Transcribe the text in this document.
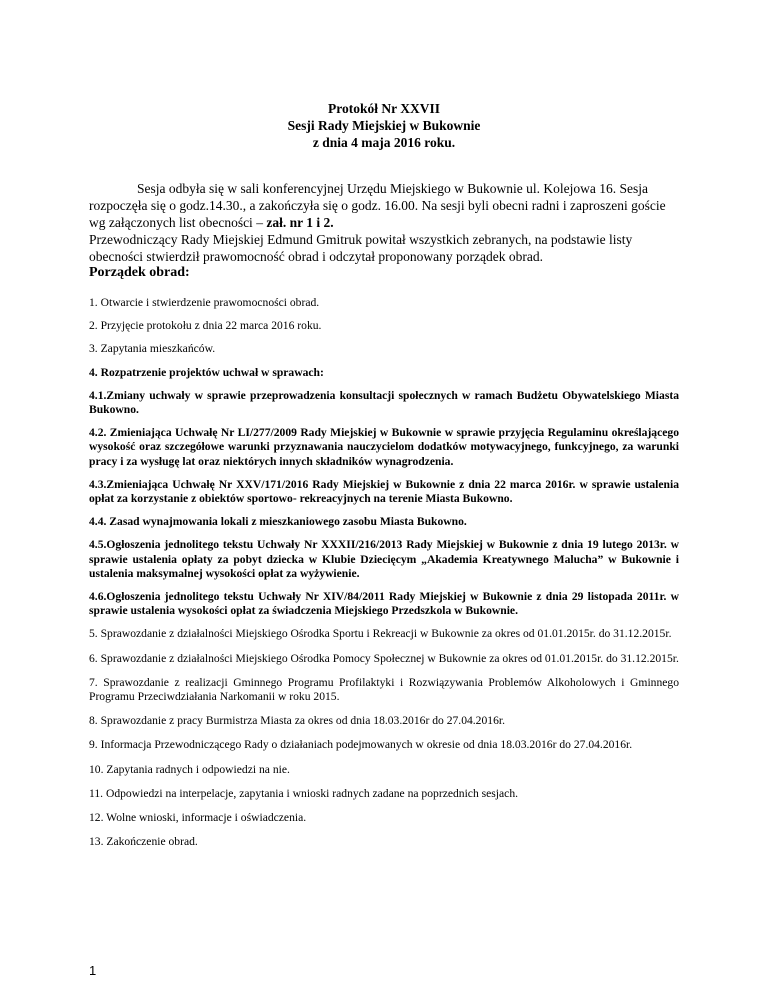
Protokół Nr XXVII
Sesji Rady Miejskiej w Bukownie
z dnia 4 maja 2016 roku.

Sesja odbyła się w sali konferencyjnej Urzędu Miejskiego w Bukownie ul. Kolejowa 16. Sesja rozpoczęła się o godz.14.30., a zakończyła się o godz. 16.00. Na sesji byli obecni radni i zaproszeni goście wg załączonych list obecności – zał. nr 1 i 2.

Przewodniczący Rady Miejskiej Edmund Gmitruk powitał wszystkich zebranych, na podstawie listy obecności stwierdził prawomocność obrad i odczytał proponowany porządek obrad.

Porządek obrad:
1. Otwarcie i stwierdzenie prawomocności obrad.
2. Przyjęcie protokołu z dnia 22 marca 2016 roku.
3. Zapytania mieszkańców.
4. Rozpatrzenie projektów uchwał w sprawach:
4.1.Zmiany uchwały w sprawie przeprowadzenia konsultacji społecznych w ramach Budżetu Obywatelskiego Miasta Bukowno.
4.2. Zmieniająca Uchwałę Nr LI/277/2009 Rady Miejskiej w Bukownie w sprawie przyjęcia Regulaminu określającego wysokość oraz szczegółowe warunki przyznawania nauczycielom dodatków motywacyjnego, funkcyjnego, za warunki pracy i za wysługę lat oraz niektórych innych składników wynagrodzenia.
4.3.Zmieniająca Uchwałę Nr XXV/171/2016 Rady Miejskiej w Bukownie z dnia 22 marca 2016r. w sprawie ustalenia opłat za korzystanie z obiektów sportowo- rekreacyjnych na terenie Miasta Bukowno.
4.4. Zasad wynajmowania lokali z mieszkaniowego zasobu Miasta Bukowno.
4.5.Ogłoszenia jednolitego tekstu Uchwały Nr XXXII/216/2013 Rady Miejskiej w Bukownie z dnia 19 lutego 2013r. w sprawie ustalenia opłaty za pobyt dziecka w Klubie Dziecięcym „Akademia Kreatywnego Malucha” w Bukownie i ustalenia maksymalnej wysokości opłat za wyżywienie.
4.6.Ogłoszenia jednolitego tekstu Uchwały Nr XIV/84/2011 Rady Miejskiej w Bukownie z dnia 29 listopada 2011r. w sprawie ustalenia wysokości opłat za świadczenia Miejskiego Przedszkola w Bukownie.
5. Sprawozdanie z działalności Miejskiego Ośrodka Sportu i Rekreacji w Bukownie za okres od 01.01.2015r. do 31.12.2015r.
6. Sprawozdanie z działalności Miejskiego Ośrodka Pomocy Społecznej w Bukownie za okres od 01.01.2015r. do 31.12.2015r.
7. Sprawozdanie z realizacji Gminnego Programu Profilaktyki i Rozwiązywania Problemów Alkoholowych i Gminnego Programu Przeciwdziałania Narkomanii w roku 2015.
8. Sprawozdanie z pracy Burmistrza Miasta za okres od dnia 18.03.2016r do 27.04.2016r.
9. Informacja Przewodniczącego Rady o działaniach podejmowanych w okresie od dnia 18.03.2016r do 27.04.2016r.
10. Zapytania radnych i odpowiedzi na nie.
11. Odpowiedzi na interpelacje, zapytania i wnioski radnych zadane na poprzednich sesjach.
12. Wolne wnioski, informacje i oświadczenia.
13. Zakończenie obrad.
1
